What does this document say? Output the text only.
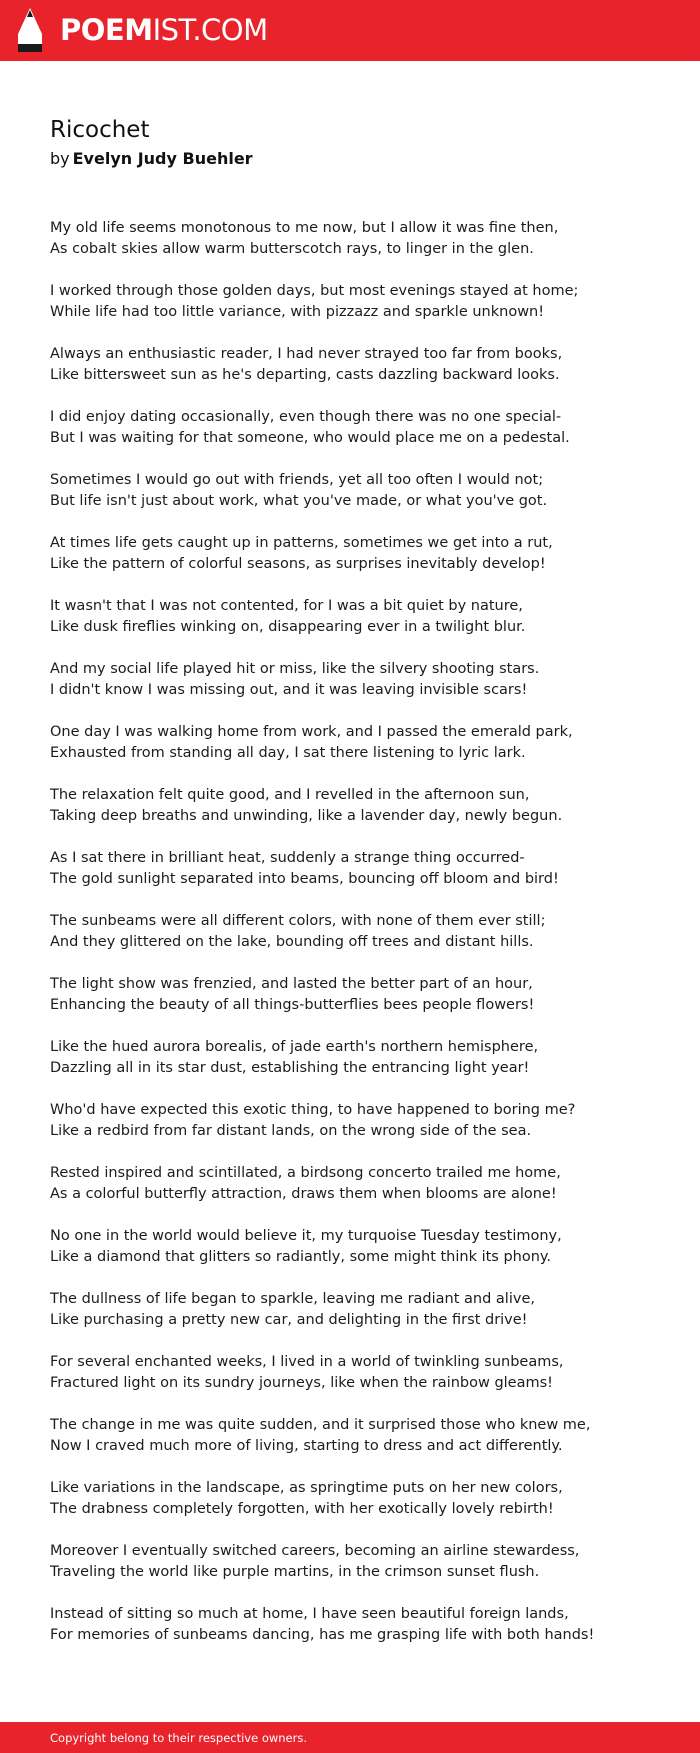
POEMIST.COM
Ricochet
by Evelyn Judy Buehler
My old life seems monotonous to me now, but I allow it was fine then,
As cobalt skies allow warm butterscotch rays, to linger in the glen.
I worked through those golden days, but most evenings stayed at home;
While life had too little variance, with pizzazz and sparkle unknown!
Always an enthusiastic reader, I had never strayed too far from books,
Like bittersweet sun as he's departing, casts dazzling backward looks.
I did enjoy dating occasionally, even though there was no one special-
But I was waiting for that someone, who would place me on a pedestal.
Sometimes I would go out with friends, yet all too often I would not;
But life isn't just about work, what you've made, or what you've got.
At times life gets caught up in patterns, sometimes we get into a rut,
Like the pattern of colorful seasons, as surprises inevitably develop!
It wasn't that I was not contented, for I was a bit quiet by nature,
Like dusk fireflies winking on, disappearing ever in a twilight blur.
And my social life played hit or miss, like the silvery shooting stars.
I didn't know I was missing out, and it was leaving invisible scars!
One day I was walking home from work, and I passed the emerald park,
Exhausted from standing all day, I sat there listening to lyric lark.
The relaxation felt quite good, and I revelled in the afternoon sun,
Taking deep breaths and unwinding, like a lavender day, newly begun.
As I sat there in brilliant heat, suddenly a strange thing occurred-
The gold sunlight separated into beams, bouncing off bloom and bird!
The sunbeams were all different colors, with none of them ever still;
And they glittered on the lake, bounding off trees and distant hills.
The light show was frenzied, and lasted the better part of an hour,
Enhancing the beauty of all things-butterflies bees people flowers!
Like the hued aurora borealis, of jade earth's northern hemisphere,
Dazzling all in its star dust, establishing the entrancing light year!
Who'd have expected this exotic thing, to have happened to boring me?
Like a redbird from far distant lands, on the wrong side of the sea.
Rested inspired and scintillated, a birdsong concerto trailed me home,
As a colorful butterfly attraction, draws them when blooms are alone!
No one in the world would believe it, my turquoise Tuesday testimony,
Like a diamond that glitters so radiantly, some might think its phony.
The dullness of life began to sparkle, leaving me radiant and alive,
Like purchasing a pretty new car, and delighting in the first drive!
For several enchanted weeks, I lived in a world of twinkling sunbeams,
Fractured light on its sundry journeys, like when the rainbow gleams!
The change in me was quite sudden, and it surprised those who knew me,
Now I craved much more of living, starting to dress and act differently.
Like variations in the landscape, as springtime puts on her new colors,
The drabness completely forgotten, with her exotically lovely rebirth!
Moreover I eventually switched careers, becoming an airline stewardess,
Traveling the world like purple martins, in the crimson sunset flush.
Instead of sitting so much at home, I have seen beautiful foreign lands,
For memories of sunbeams dancing, has me grasping life with both hands!
Copyright belong to their respective owners.
